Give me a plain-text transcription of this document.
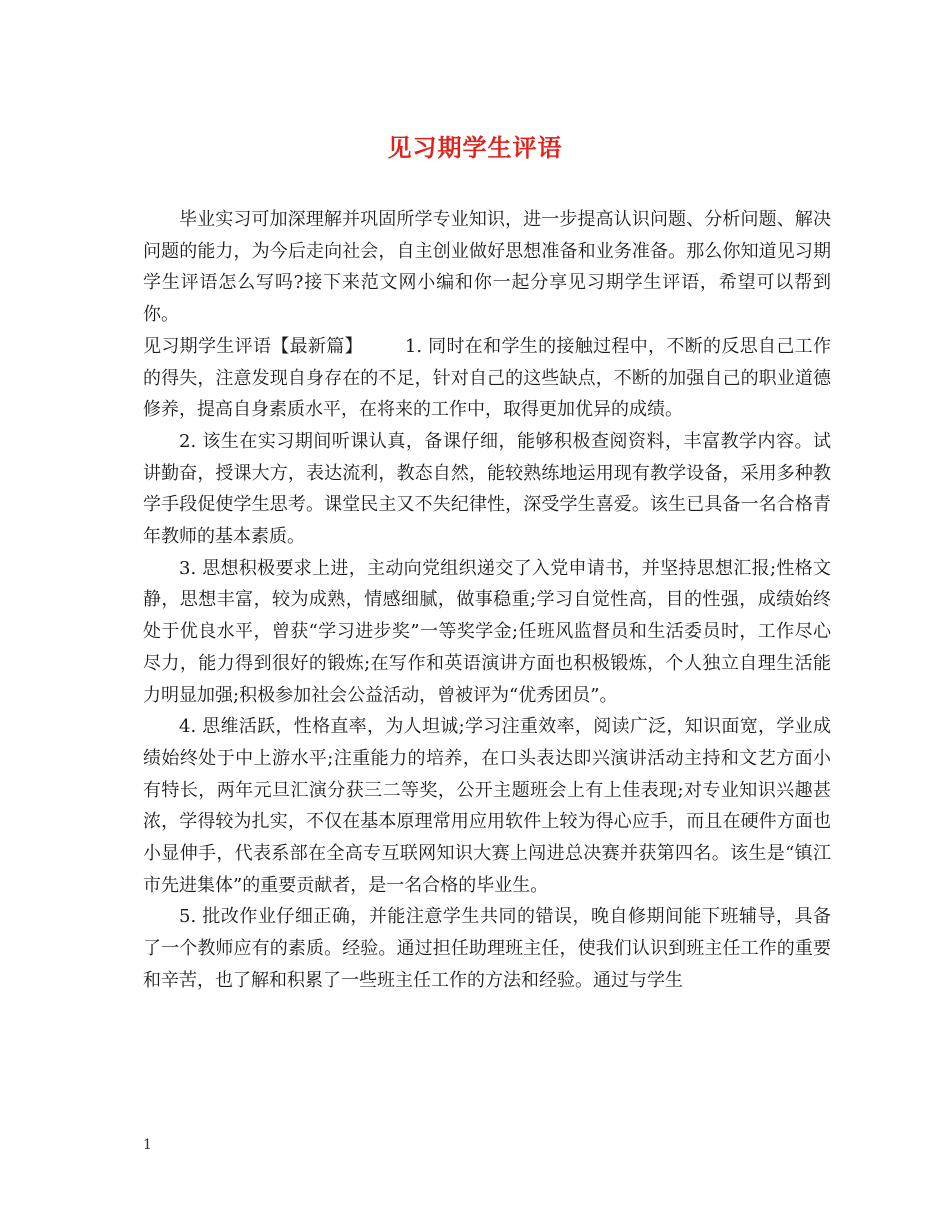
见习期学生评语

毕业实习可加深理解并巩固所学专业知识，进一步提高认识问题、分析问题、解决问题的能力，为今后走向社会，自主创业做好思想准备和业务准备。那么你知道见习期学生评语怎么写吗?接下来范文网小编和你一起分享见习期学生评语，希望可以帮到你。

见习期学生评语【最新篇】 1. 同时在和学生的接触过程中，不断的反思自己工作的得失，注意发现自身存在的不足，针对自己的这些缺点，不断的加强自己的职业道德修养，提高自身素质水平，在将来的工作中，取得更加优异的成绩。

2. 该生在实习期间听课认真，备课仔细，能够积极查阅资料，丰富教学内容。试讲勤奋，授课大方，表达流利，教态自然，能较熟练地运用现有教学设备，采用多种教学手段促使学生思考。课堂民主又不失纪律性，深受学生喜爱。该生已具备一名合格青年教师的基本素质。

3. 思想积极要求上进，主动向党组织递交了入党申请书，并坚持思想汇报;性格文静，思想丰富，较为成熟，情感细腻，做事稳重;学习自觉性高，目的性强，成绩始终处于优良水平，曾获“学习进步奖”一等奖学金;任班风监督员和生活委员时，工作尽心尽力，能力得到很好的锻炼;在写作和英语演讲方面也积极锻炼，个人独立自理生活能力明显加强;积极参加社会公益活动，曾被评为“优秀团员”。

4. 思维活跃，性格直率，为人坦诚;学习注重效率，阅读广泛，知识面宽，学业成绩始终处于中上游水平;注重能力的培养，在口头表达即兴演讲活动主持和文艺方面小有特长，两年元旦汇演分获三二等奖，公开主题班会上有上佳表现;对专业知识兴趣甚浓，学得较为扎实，不仅在基本原理常用应用软件上较为得心应手，而且在硬件方面也小显伸手，代表系部在全高专互联网知识大赛上闯进总决赛并获第四名。该生是“镇江市先进集体”的重要贡献者，是一名合格的毕业生。

5. 批改作业仔细正确，并能注意学生共同的错误，晚自修期间能下班辅导，具备了一个教师应有的素质。经验。通过担任助理班主任，使我们认识到班主任工作的重要和辛苦，也了解和积累了一些班主任工作的方法和经验。通过与学生

1
